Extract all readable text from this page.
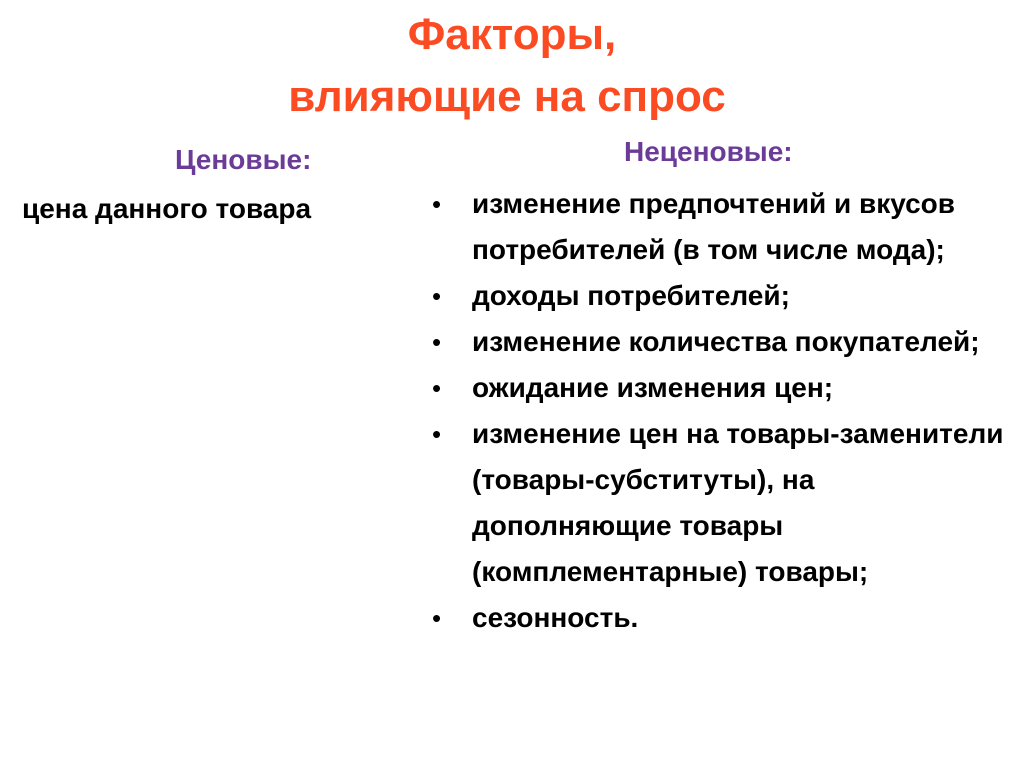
Факторы,
влияющие на спрос
Ценовые:
цена данного товара
Неценовые:
• изменение предпочтений и вкусов потребителей (в том числе мода);
• доходы потребителей;
• изменение количества покупателей;
• ожидание изменения цен;
• изменение цен на товары-заменители (товары-субституты), на дополняющие товары (комплементарные) товары;
• сезонность.
